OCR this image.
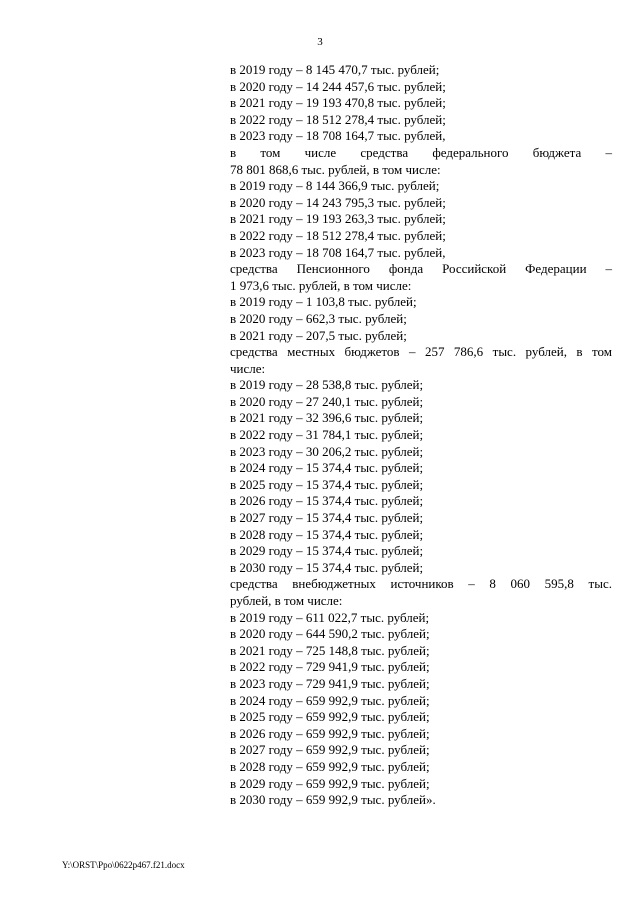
3
в 2019 году – 8 145 470,7 тыс. рублей;
в 2020 году – 14 244 457,6 тыс. рублей;
в 2021 году – 19 193 470,8 тыс. рублей;
в 2022 году – 18 512 278,4 тыс. рублей;
в 2023 году – 18 708 164,7 тыс. рублей,
в том числе средства федерального бюджета –
78 801 868,6 тыс. рублей, в том числе:
в 2019 году – 8 144 366,9 тыс. рублей;
в 2020 году – 14 243 795,3 тыс. рублей;
в 2021 году – 19 193 263,3 тыс. рублей;
в 2022 году – 18 512 278,4 тыс. рублей;
в 2023 году – 18 708 164,7 тыс. рублей,
средства Пенсионного фонда Российской Федерации –
1 973,6 тыс. рублей, в том числе:
в 2019 году – 1 103,8 тыс. рублей;
в 2020 году – 662,3 тыс. рублей;
в 2021 году – 207,5 тыс. рублей;
средства местных бюджетов – 257 786,6 тыс. рублей, в том
числе:
в 2019 году – 28 538,8 тыс. рублей;
в 2020 году – 27 240,1 тыс. рублей;
в 2021 году – 32 396,6 тыс. рублей;
в 2022 году – 31 784,1 тыс. рублей;
в 2023 году – 30 206,2 тыс. рублей;
в 2024 году – 15 374,4 тыс. рублей;
в 2025 году – 15 374,4 тыс. рублей;
в 2026 году – 15 374,4 тыс. рублей;
в 2027 году – 15 374,4 тыс. рублей;
в 2028 году – 15 374,4 тыс. рублей;
в 2029 году – 15 374,4 тыс. рублей;
в 2030 году – 15 374,4 тыс. рублей;
средства внебюджетных источников – 8 060 595,8 тыс.
рублей, в том числе:
в 2019 году – 611 022,7 тыс. рублей;
в 2020 году – 644 590,2 тыс. рублей;
в 2021 году – 725 148,8 тыс. рублей;
в 2022 году – 729 941,9 тыс. рублей;
в 2023 году – 729 941,9 тыс. рублей;
в 2024 году – 659 992,9 тыс. рублей;
в 2025 году – 659 992,9 тыс. рублей;
в 2026 году – 659 992,9 тыс. рублей;
в 2027 году – 659 992,9 тыс. рублей;
в 2028 году – 659 992,9 тыс. рублей;
в 2029 году – 659 992,9 тыс. рублей;
в 2030 году – 659 992,9 тыс. рублей».
Y:\ORST\Ppo\0622p467.f21.docx
